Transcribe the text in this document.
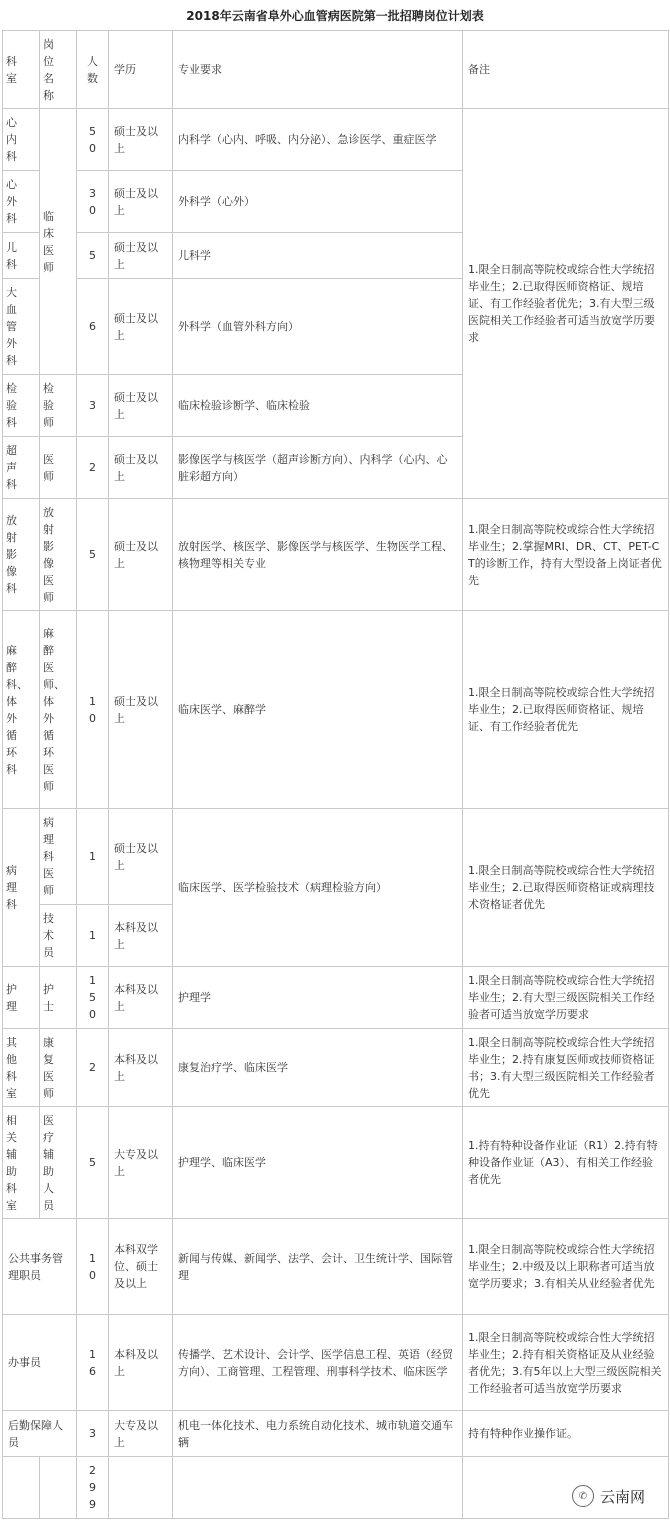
2018年云南省阜外心血管病医院第一批招聘岗位计划表
科室	岗位名称	人数	学历	专业要求	备注
心内科	临床医师	50	硕士及以上	内科学（心内、呼吸、内分泌）、急诊医学、重症医学	1.限全日制高等院校或综合性大学统招毕业生；2.已取得医师资格证、规培证、有工作经验者优先；3.有大型三级医院相关工作经验者可适当放宽学历要求
心外科		30	硕士及以上	外科学（心外）	
儿科		5	硕士及以上	儿科学	
大血管外科		6	硕士及以上	外科学（血管外科方向）	
检验科	检验师	3	硕士及以上	临床检验诊断学、临床检验	
超声科	医师	2	硕士及以上	影像医学与核医学（超声诊断方向）、内科学（心内、心脏彩超方向）	
放射影像科	放射影像医师	5	硕士及以上	放射医学、核医学、影像医学与核医学、生物医学工程、核物理等相关专业	1.限全日制高等院校或综合性大学统招毕业生；2.掌握MRI、DR、CT、PET-CT的诊断工作，持有大型设备上岗证者优先
麻醉科、体外循环科	麻醉医师、体外循环医师	10	硕士及以上	临床医学、麻醉学	1.限全日制高等院校或综合性大学统招毕业生；2.已取得医师资格证、规培证、有工作经验者优先
病理科	病理科医师	1	硕士及以上	临床医学、医学检验技术（病理检验方向）	1.限全日制高等院校或综合性大学统招毕业生；2.已取得医师资格证或病理技术资格证者优先
	技术员	1	本科及以上		
护理	护士	150	本科及以上	护理学	1.限全日制高等院校或综合性大学统招毕业生；2.有大型三级医院相关工作经验者可适当放宽学历要求
其他科室	康复医师	2	本科及以上	康复治疗学、临床医学	1.限全日制高等院校或综合性大学统招毕业生；2.持有康复医师或技师资格证书；3.有大型三级医院相关工作经验者优先
相关辅助科室	医疗辅助人员	5	大专及以上	护理学、临床医学	1.持有特种设备作业证（R1）2.持有特种设备作业证（A3）、有相关工作经验者优先
公共事务管理职员		10	本科双学位、硕士及以上	新闻与传媒、新闻学、法学、会计、卫生统计学、国际管理	1.限全日制高等院校或综合性大学统招毕业生；2.中级及以上职称者可适当放宽学历要求；3.有相关从业经验者优先
办事员		16	本科及以上	传播学、艺术设计、会计学、医学信息工程、英语（经贸方向）、工商管理、工程管理、刑事科学技术、临床医学	1.限全日制高等院校或综合性大学统招毕业生；2.持有相关资格证及从业经验者优先；3.有5年以上大型三级医院相关工作经验者可适当放宽学历要求
后勤保障人员		3	大专及以上	机电一体化技术、电力系统自动化技术、城市轨道交通车辆	持有特种作业操作证。
		299			
✆ 云南网
